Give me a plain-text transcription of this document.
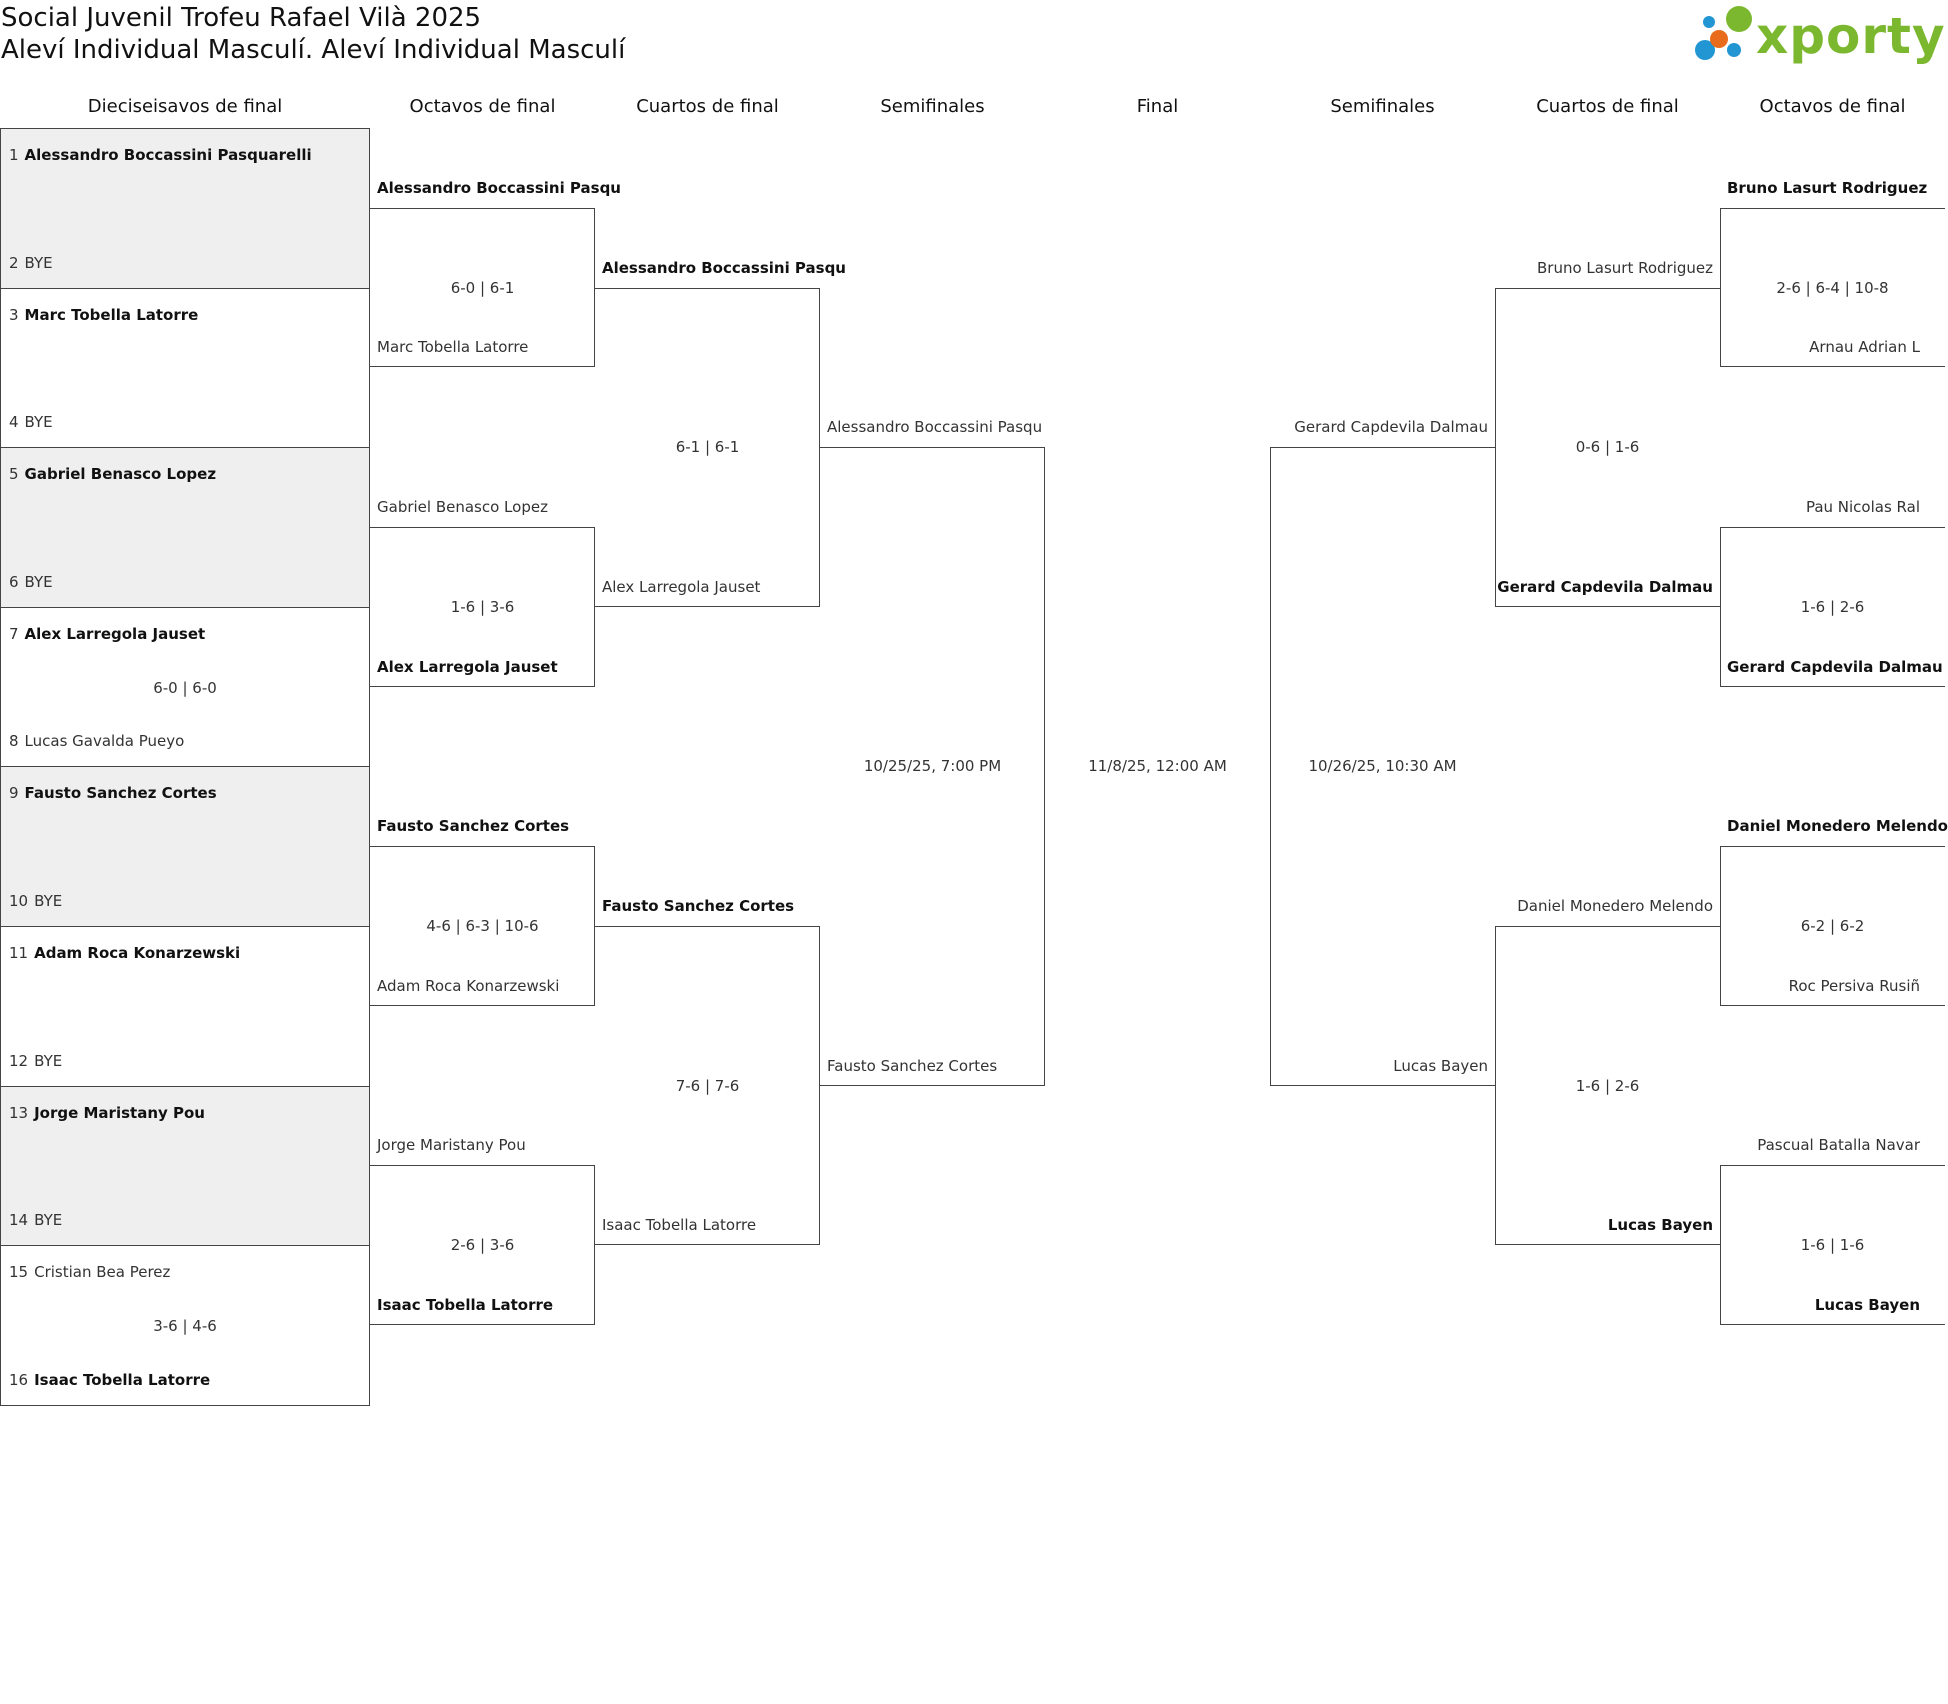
Social Juvenil Trofeu Rafael Vilà 2025
Aleví Individual Masculí. Aleví Individual Masculí	xporty
Dieciseisavos de final	Octavos de final	Cuartos de final	Semifinales	Final	Semifinales	Cuartos de final	Octavos de final
1 Alessandro Boccassini Pasquarelli
2 BYE
3 Marc Tobella Latorre
4 BYE
5 Gabriel Benasco Lopez
6 BYE
7 Alex Larregola Jauset
8 Lucas Gavalda Pueyo
6-0 | 6-0
9 Fausto Sanchez Cortes
10 BYE
11 Adam Roca Konarzewski
12 BYE
13 Jorge Maristany Pou
14 BYE
15 Cristian Bea Perez
16 Isaac Tobella Latorre
3-6 | 4-6
Alessandro Boccassini Pasqu
Marc Tobella Latorre
6-0 | 6-1
Gabriel Benasco Lopez
Alex Larregola Jauset
1-6 | 3-6
Fausto Sanchez Cortes
Adam Roca Konarzewski
4-6 | 6-3 | 10-6
Jorge Maristany Pou
Isaac Tobella Latorre
2-6 | 3-6
Alessandro Boccassini Pasqu
Alex Larregola Jauset
6-1 | 6-1
Fausto Sanchez Cortes
Isaac Tobella Latorre
7-6 | 7-6
Alessandro Boccassini Pasqu
Fausto Sanchez Cortes
10/25/25, 7:00 PM	11/8/25, 12:00 AM
Gerard Capdevila Dalmau
Lucas Bayen
10/26/25, 10:30 AM
Bruno Lasurt Rodriguez
Gerard Capdevila Dalmau
0-6 | 1-6
Daniel Monedero Melendo
Lucas Bayen
1-6 | 2-6
Bruno Lasurt Rodriguez
Arnau Adrian L
2-6 | 6-4 | 10-8
Pau Nicolas Ral
Gerard Capdevila Dalmau
1-6 | 2-6
Daniel Monedero Melendo
Roc Persiva Rusiñ
6-2 | 6-2
Pascual Batalla Navar
Lucas Bayen
1-6 | 1-6
